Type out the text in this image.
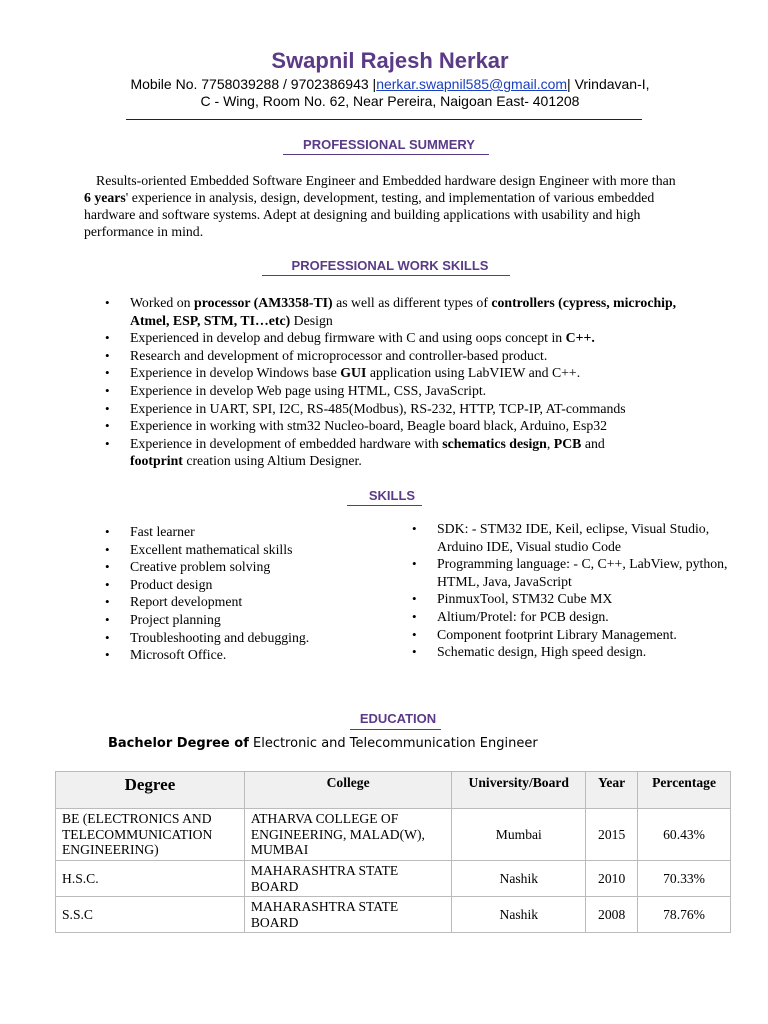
Swapnil Rajesh Nerkar
Mobile No. 7758039288 / 9702386943 |nerkar.swapnil585@gmail.com| Vrindavan-I,
C - Wing, Room No. 62, Near Pereira, Naigoan East- 401208
PROFESSIONAL SUMMERY

Results-oriented Embedded Software Engineer and Embedded hardware design Engineer with more than 6 years' experience in analysis, design, development, testing, and implementation of various embedded hardware and software systems. Adept at designing and building applications with usability and high performance in mind.

PROFESSIONAL WORK SKILLS
• Worked on processor (AM3358-TI) as well as different types of controllers (cypress, microchip, Atmel, ESP, STM, TI…etc) Design
• Experienced in develop and debug firmware with C and using oops concept in C++.
• Research and development of microprocessor and controller-based product.
• Experience in develop Windows base GUI application using LabVIEW and C++.
• Experience in develop Web page using HTML, CSS, JavaScript.
• Experience in UART, SPI, I2C, RS-485(Modbus), RS-232, HTTP, TCP-IP, AT-commands
• Experience in working with stm32 Nucleo-board, Beagle board black, Arduino, Esp32
• Experience in development of embedded hardware with schematics design, PCB and
footprint creation using Altium Designer.
SKILLS
• Fast learner
• Excellent mathematical skills
• Creative problem solving
• Product design
• Report development
• Project planning
• Troubleshooting and debugging.
• Microsoft Office.
• SDK: - STM32 IDE, Keil, eclipse, Visual Studio, Arduino IDE, Visual studio Code
• Programming language: - C, C++, LabView, python, HTML, Java, JavaScript
• PinmuxTool, STM32 Cube MX
• Altium/Protel: for PCB design.
• Component footprint Library Management.
• Schematic design, High speed design.
EDUCATION
Bachelor Degree of Electronic and Telecommunication Engineer
Degree	College	University/Board	Year	Percentage
BE (ELECTRONICS AND TELECOMMUNICATION ENGINEERING)	ATHARVA COLLEGE OF ENGINEERING, MALAD(W), MUMBAI	Mumbai	2015	60.43%
H.S.C.	MAHARASHTRA STATE BOARD	Nashik	2010	70.33%
S.S.C	MAHARASHTRA STATE BOARD	Nashik	2008	78.76%
